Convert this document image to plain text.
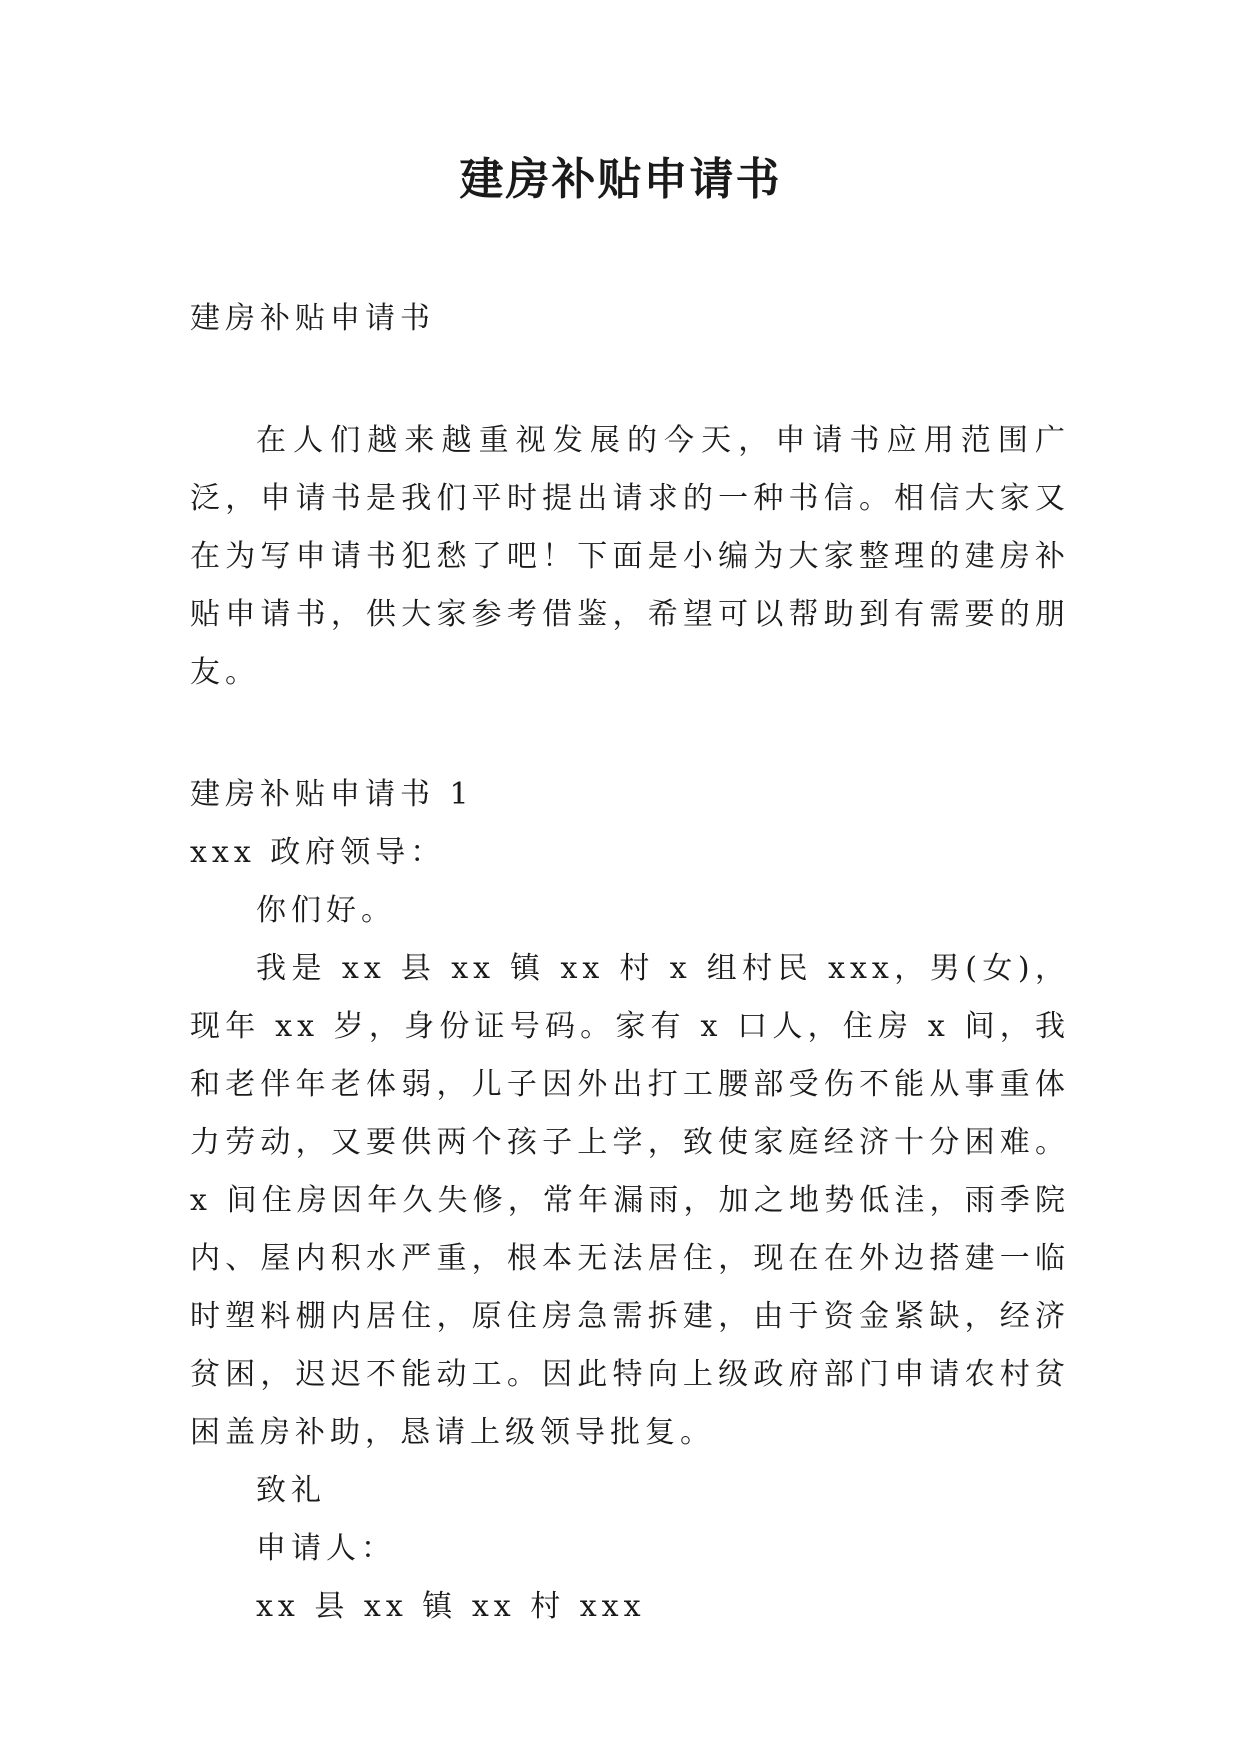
建房补贴申请书

建房补贴申请书

在人们越来越重视发展的今天，申请书应用范围广泛，申请书是我们平时提出请求的一种书信。相信大家又在为写申请书犯愁了吧！下面是小编为大家整理的建房补贴申请书，供大家参考借鉴，希望可以帮助到有需要的朋友。

建房补贴申请书 1

xxx 政府领导：

你们好。

我是 xx 县 xx 镇 xx 村 x 组村民 xxx，男(女)，现年 xx 岁，身份证号码。家有 x 口人，住房 x 间，我和老伴年老体弱，儿子因外出打工腰部受伤不能从事重体力劳动，又要供两个孩子上学，致使家庭经济十分困难。x 间住房因年久失修，常年漏雨，加之地势低洼，雨季院内、屋内积水严重，根本无法居住，现在在外边搭建一临时塑料棚内居住，原住房急需拆建，由于资金紧缺，经济贫困，迟迟不能动工。因此特向上级政府部门申请农村贫困盖房补助，恳请上级领导批复。

致礼

申请人：

xx 县 xx 镇 xx 村 xxx
